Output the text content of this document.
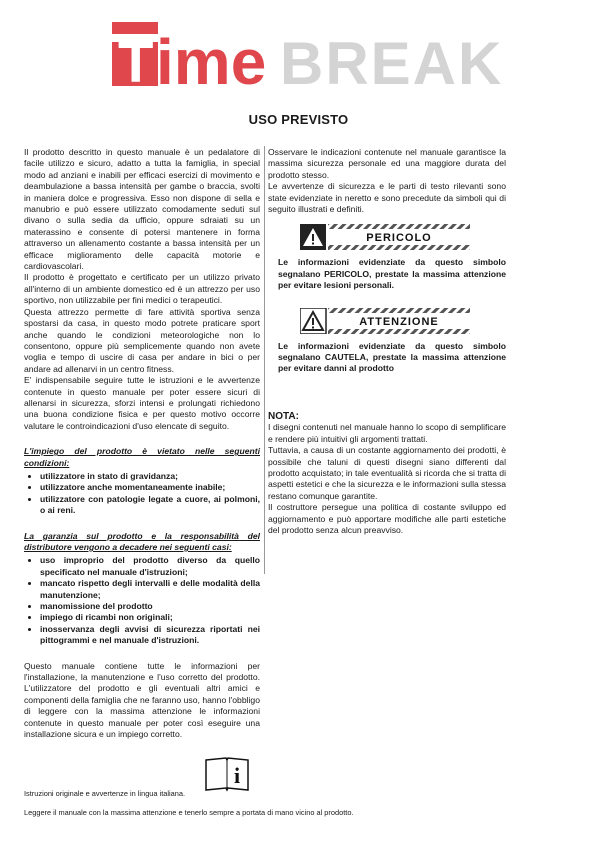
T ime BREAK
USO PREVISTO

Il prodotto descritto in questo manuale è un pedalatore di facile utilizzo e sicuro, adatto a tutta la famiglia, in special modo ad anziani e inabili per efficaci esercizi di movimento e deambulazione a bassa intensità per gambe o braccia, svolti in maniera dolce e progressiva. Esso non dispone di sella e manubrio e può essere utilizzato comodamente seduti sul divano o sulla sedia da ufficio, oppure sdraiati su un materassino e consente di potersi mantenere in forma attraverso un allenamento costante a bassa intensità per un efficace miglioramento delle capacità motorie e cardiovascolari.

Il prodotto è progettato e certificato per un utilizzo privato all'interno di un ambiente domestico ed è un attrezzo per uso sportivo, non utilizzabile per fini medici o terapeutici.

Questa attrezzo permette di fare attività sportiva senza spostarsi da casa, in questo modo potrete praticare sport anche quando le condizioni meteorologiche non lo consentono, oppure più semplicemente quando non avete voglia e tempo di uscire di casa per andare in bici o per andare ad allenarvi in un centro fitness.

E' indispensabile seguire tutte le istruzioni e le avvertenze contenute in questo manuale per poter essere sicuri di allenarsi in sicurezza, sforzi intensi e prolungati richiedono una buona condizione fisica e per questo motivo occorre valutare le controindicazioni d'uso elencate di seguito.

L'impiego del prodotto è vietato nelle seguenti condizioni:

• utilizzatore in stato di gravidanza;
• utilizzatore anche momentaneamente inabile;
• utilizzatore con patologie legate a cuore, ai polmoni, o ai reni.

La garanzia sul prodotto e la responsabilità del distributore vengono a decadere nei seguenti casi:

• uso improprio del prodotto diverso da quello specificato nel manuale d'istruzioni;
• mancato rispetto degli intervalli e delle modalità della manutenzione;
• manomissione del prodotto
• impiego di ricambi non originali;
• inosservanza degli avvisi di sicurezza riportati nei pittogrammi e nel manuale d'istruzioni.

Questo manuale contiene tutte le informazioni per l'installazione, la manutenzione e l'uso corretto del prodotto. L'utilizzatore del prodotto e gli eventuali altri amici e componenti della famiglia che ne faranno uso, hanno l'obbligo di leggere con la massima attenzione le informazioni contenute in questo manuale per poter così eseguire una installazione sicura e un impiego corretto.

Osservare le indicazioni contenute nel manuale garantisce la massima sicurezza personale ed una maggiore durata del prodotto stesso.

Le avvertenze di sicurezza e le parti di testo rilevanti sono state evidenziate in neretto e sono precedute da simboli qui di seguito illustrati e definiti.

PERICOLO

Le informazioni evidenziate da questo simbolo segnalano PERICOLO, prestate la massima attenzione per evitare lesioni personali.

ATTENZIONE

Le informazioni evidenziate da questo simbolo segnalano CAUTELA, prestate la massima attenzione per evitare danni al prodotto

NOTA:

I disegni contenuti nel manuale hanno lo scopo di semplificare e rendere più intuitivi gli argomenti trattati.

Tuttavia, a causa di un costante aggiornamento dei prodotti, è possibile che taluni di questi disegni siano differenti dal prodotto acquistato; in tale eventualità si ricorda che si tratta di aspetti estetici e che la sicurezza e le informazioni sulla stessa restano comunque garantite.

Il costruttore persegue una politica di costante sviluppo ed aggiornamento e può apportare modifiche alle parti estetiche del prodotto senza alcun preavviso.

i
Istruzioni originale e avvertenze in lingua italiana.
Leggere il manuale con la massima attenzione e tenerlo sempre a portata di mano vicino al prodotto.
